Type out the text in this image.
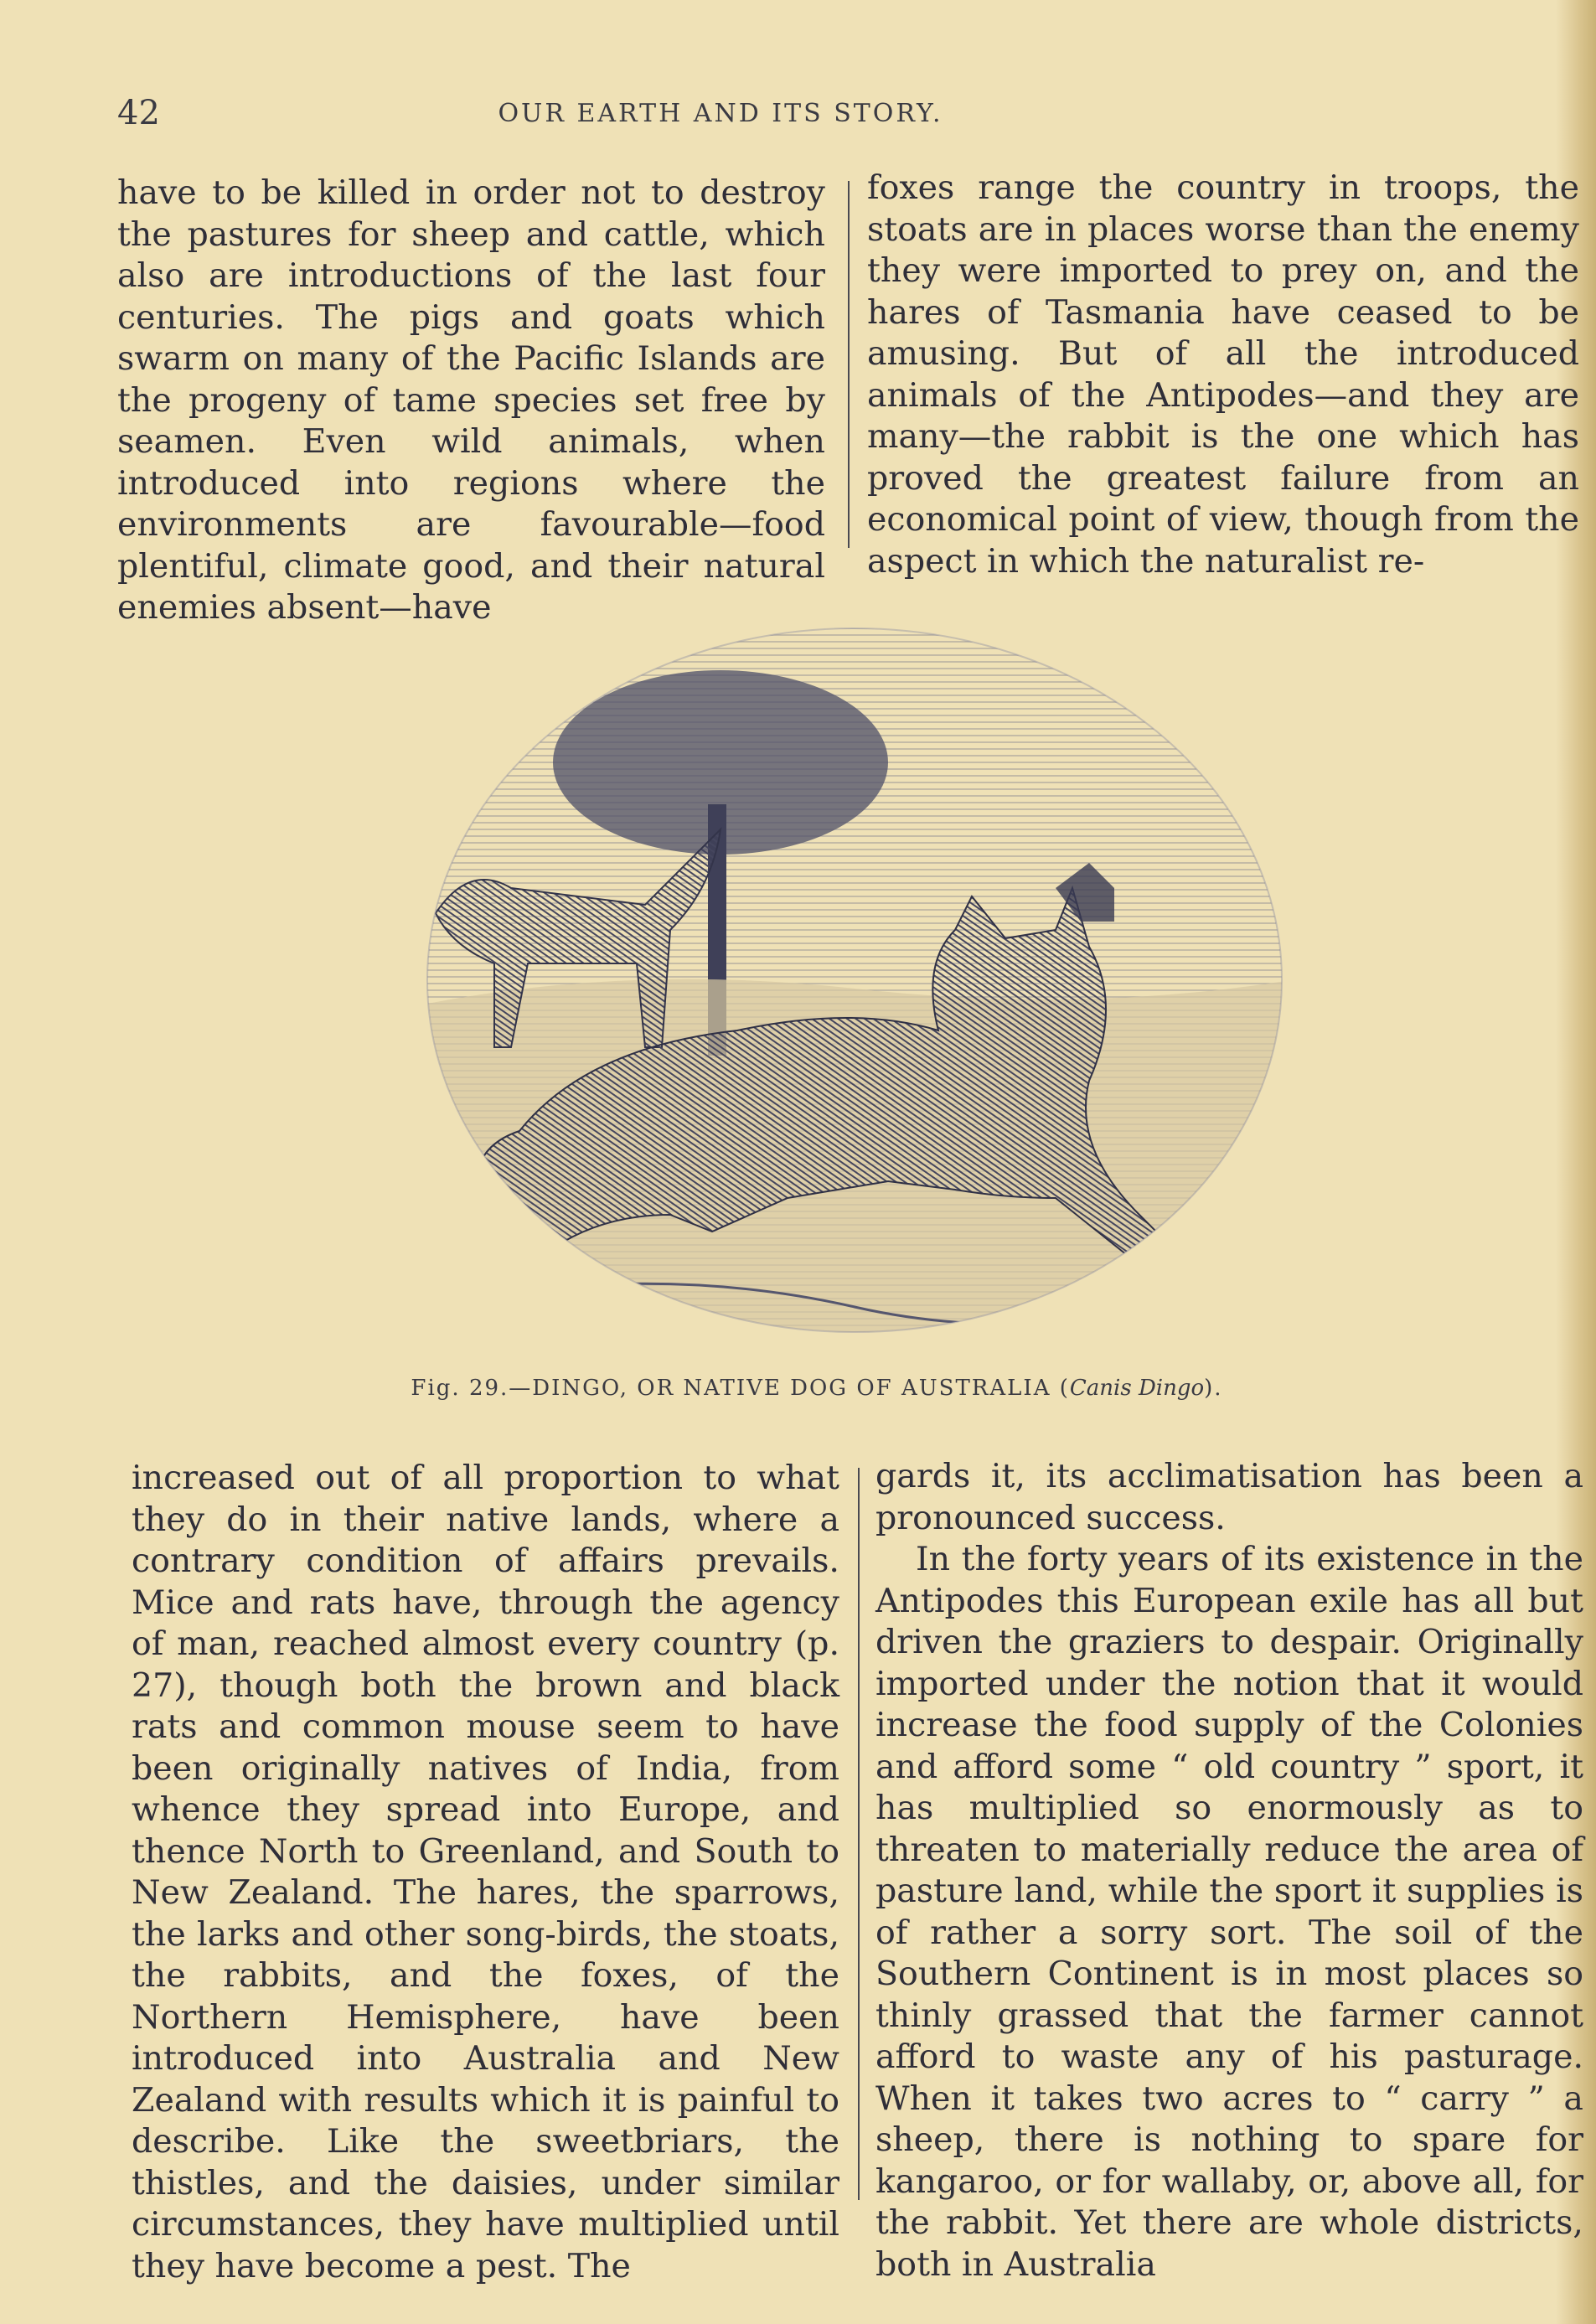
42	OUR EARTH AND ITS STORY.

have to be killed in order not to destroy the pastures for sheep and cattle, which also are introductions of the last four centuries. The pigs and goats which swarm on many of the Pacific Islands are the progeny of tame species set free by seamen. Even wild animals, when introduced into regions where the environments are favourable—food plentiful, climate good, and their natural enemies absent—have

foxes range the country in troops, the stoats are in places worse than the enemy they were imported to prey on, and the hares of Tasmania have ceased to be amusing. But of all the introduced animals of the Antipodes—and they are many—the rabbit is the one which has proved the greatest failure from an economical point of view, though from the aspect in which the naturalist re-

Fig. 29.—DINGO, OR NATIVE DOG OF AUSTRALIA (Canis Dingo).

increased out of all proportion to what they do in their native lands, where a contrary condition of affairs prevails. Mice and rats have, through the agency of man, reached almost every country (p. 27), though both the brown and black rats and common mouse seem to have been originally natives of India, from whence they spread into Europe, and thence North to Greenland, and South to New Zealand. The hares, the sparrows, the larks and other song-birds, the stoats, the rabbits, and the foxes, of the Northern Hemisphere, have been introduced into Australia and New Zealand with results which it is painful to describe. Like the sweetbriars, the thistles, and the daisies, under similar circumstances, they have multiplied until they have become a pest. The

gards it, its acclimatisation has been a pronounced success.

In the forty years of its existence in the Antipodes this European exile has all but driven the graziers to despair. Originally imported under the notion that it would increase the food supply of the Colonies and afford some “ old country ” sport, it has multiplied so enormously as to threaten to materially reduce the area of pasture land, while the sport it supplies is of rather a sorry sort. The soil of the Southern Continent is in most places so thinly grassed that the farmer cannot afford to waste any of his pasturage. When it takes two acres to “ carry ” a sheep, there is nothing to spare for kangaroo, or for wallaby, or, above all, for the rabbit. Yet there are whole districts, both in Australia
